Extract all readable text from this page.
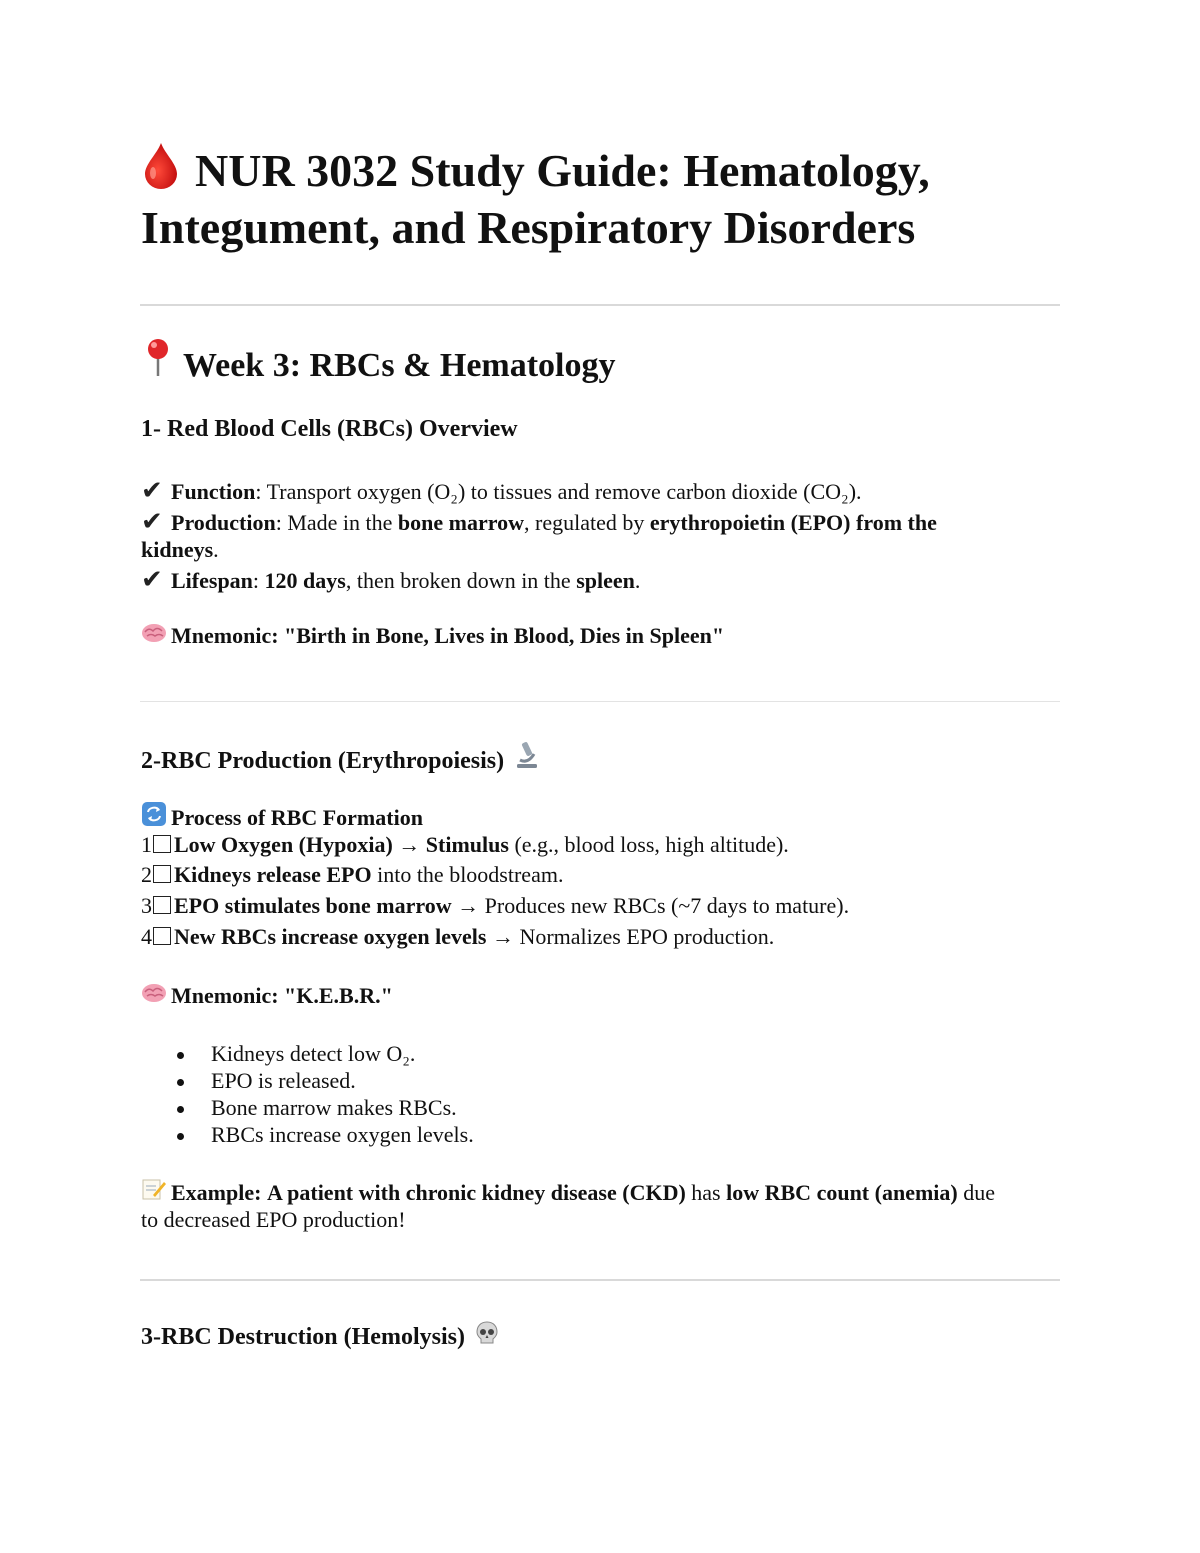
NUR 3032 Study Guide: Hematology,
Integument, and Respiratory Disorders
Week 3: RBCs & Hematology
1- Red Blood Cells (RBCs) Overview
✔ Function: Transport oxygen (O₂) to tissues and remove carbon dioxide (CO₂).
✔ Production: Made in the bone marrow, regulated by erythropoietin (EPO) from the
kidneys.
✔ Lifespan: 120 days, then broken down in the spleen.
Mnemonic: "Birth in Bone, Lives in Blood, Dies in Spleen"
2-RBC Production (Erythropoiesis)
Process of RBC Formation
1 Low Oxygen (Hypoxia) → Stimulus (e.g., blood loss, high altitude).
2 Kidneys release EPO into the bloodstream.
3 EPO stimulates bone marrow → Produces new RBCs (~7 days to mature).
4 New RBCs increase oxygen levels → Normalizes EPO production.
Mnemonic: "K.E.B.R."
Kidneys detect low O₂.
EPO is released.
Bone marrow makes RBCs.
RBCs increase oxygen levels.
Example: A patient with chronic kidney disease (CKD) has low RBC count (anemia) due
to decreased EPO production!
3-RBC Destruction (Hemolysis)
